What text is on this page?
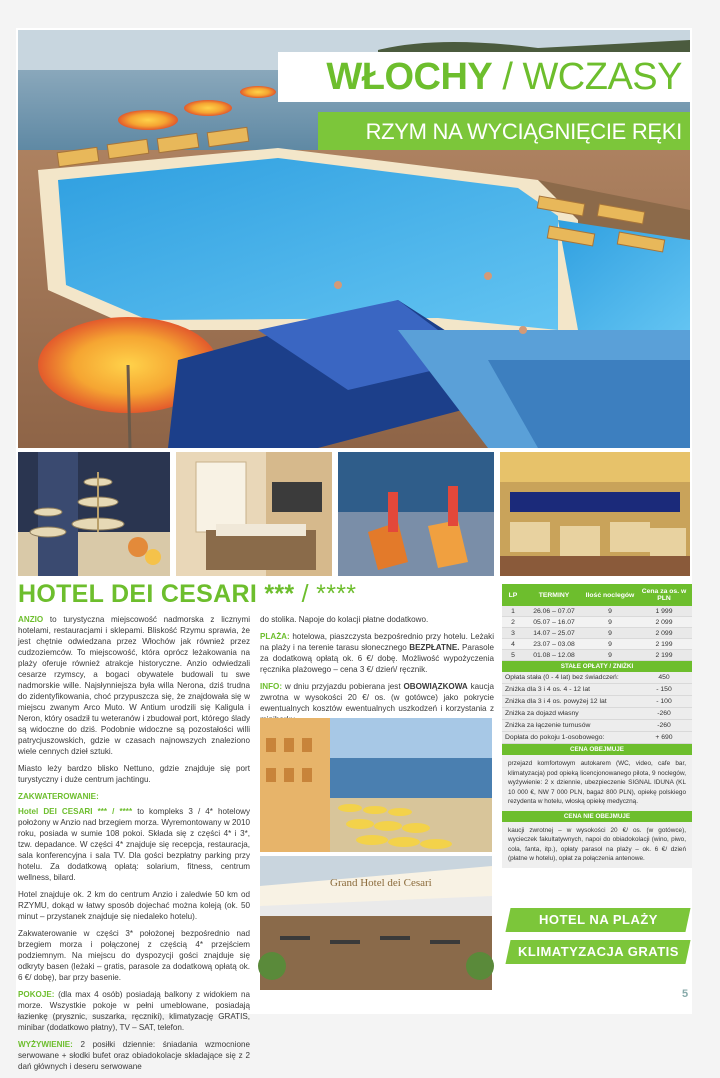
WŁOCHY / WCZASY
RZYM NA WYCIĄGNIĘCIE RĘKI
HOTEL DEI CESARI *** / ****

ANZIO to turystyczna miejscowość nadmorska z licznymi hotelami, restauracjami i sklepami. Bliskość Rzymu sprawia, że jest chętnie odwiedzana przez Włochów jak również przez cudzoziemców. To miejscowość, która oprócz leżakowania na plaży oferuje również atrakcje historyczne. Anzio odwiedzali cesarze rzymscy, a bogaci obywatele budowali tu swe nadmorskie wille. Najsłynniejsza była willa Nerona, dziś trudna do zidentyfikowania, choć przypuszcza się, że znajdowała się w miejscu zwanym Arco Muto. W Antium urodzili się Kaligula i Neron, który osadził tu weteranów i zbudował port, którego ślady są widoczne do dziś. Podobnie widoczne są pozostałości willi patrycjuszowskich, gdzie w czasach najnowszych znaleziono wiele cennych dzieł sztuki.

Miasto leży bardzo blisko Nettuno, gdzie znajduje się port turystyczny i duże centrum jachtingu.

ZAKWATEROWANIE:

Hotel DEI CESARI *** / **** to kompleks 3 / 4* hotelowy położony w Anzio nad brzegiem morza. Wyremontowany w 2010 roku, posiada w sumie 108 pokoi. Składa się z części 4* i 3*, tzw. depadance. W części 4* znajduje się recepcja, restauracja, sala konferencyjna i sala TV. Dla gości bezpłatny parking przy hotelu. Za dodatkową opłatą: solarium, fitness, centrum wellness, bilard.

Hotel znajduje ok. 2 km do centrum Anzio i zaledwie 50 km od RZYMU, dokąd w łatwy sposób dojechać można koleją (ok. 50 minut – przystanek znajduje się niedaleko hotelu).

Zakwaterowanie w części 3* położonej bezpośrednio nad brzegiem morza i połączonej z częścią 4* przejściem podziemnym. Na miejscu do dyspozycji gości znajduje się odkryty basen (leżaki – gratis, parasole za dodatkową opłatą ok. 6 €/ dobę), bar przy basenie.

POKOJE: (dla max 4 osób) posiadają balkony z widokiem na morze. Wszystkie pokoje w pełni umeblowane, posiadają łazienkę (prysznic, suszarka, ręczniki), klimatyzację GRATIS, minibar (dodatkowo płatny), TV – SAT, telefon.

WYŻYWIENIE: 2 posiłki dziennie: śniadania wzmocnione serwowane + słodki bufet oraz obiadokolacje składające się z 2 dań głównych i deseru serwowane

do stolika. Napoje do kolacji płatne dodatkowo.

PLAŻA: hotelowa, piaszczysta bezpośrednio przy hotelu. Leżaki na plaży i na terenie tarasu słonecznego BEZPŁATNE. Parasole za dodatkową opłatą ok. 6 €/ dobę. Możliwość wypożyczenia ręcznika plażowego – cena 3 €/ dzień/ ręcznik.

INFO: w dniu przyjazdu pobierana jest OBOWIĄZKOWA kaucja zwrotna w wysokości 20 €/ os. (w gotówce) jako pokrycie ewentualnych kosztów ewentualnych uszkodzeń i korzystania z

Grand Hotel dei Cesari
LP	TERMINY	Ilość noclegów	Cena za os. w PLN
1	26.06 – 07.07	9	1 999
2	05.07 – 16.07	9	2 099
3	14.07 – 25.07	9	2 099
4	23.07 – 03.08	9	2 199
5	01.08 – 12.08	9	2 199
STAŁE OPŁATY / ZNIŻKI
Opłata stała (0 - 4 lat) bez świadczeń:	450
Zniżka dla 3 i 4 os. 4 - 12 lat	- 150
Zniżka dla 3 i 4 os. powyżej 12 lat	- 100
Zniżka za dojazd własny	-260
Zniżka za łączenie turnusów	-260
Dopłata do pokoju 1-osobowego:	+ 690
CENA OBEJMUJE
przejazd komfortowym autokarem (WC, video, cafe bar, klimatyzacja) pod opieką licencjonowanego pilota, 9 noclegów, wyżywienie: 2 x dziennie, ubezpieczenie SIGNAL IDUNA (KL 10 000 €, NW 7 000 PLN, bagaż 800 PLN), opiekę polskiego rezydenta w hotelu, włoską opiekę medyczną.
CENA NIE OBEJMUJE
kaucji zwrotnej – w wysokości 20 €/ os. (w gotówce), wycieczek fakultatywnych, napoi do obiadokolacji (wino, piwo, cola, fanta, itp.), opłaty parasol na plaży – ok. 6 €/ dzień (płatne w hotelu), opłat za połączenia antenowe.
HOTEL NA PLAŻY
KLIMATYZACJA GRATIS
5
